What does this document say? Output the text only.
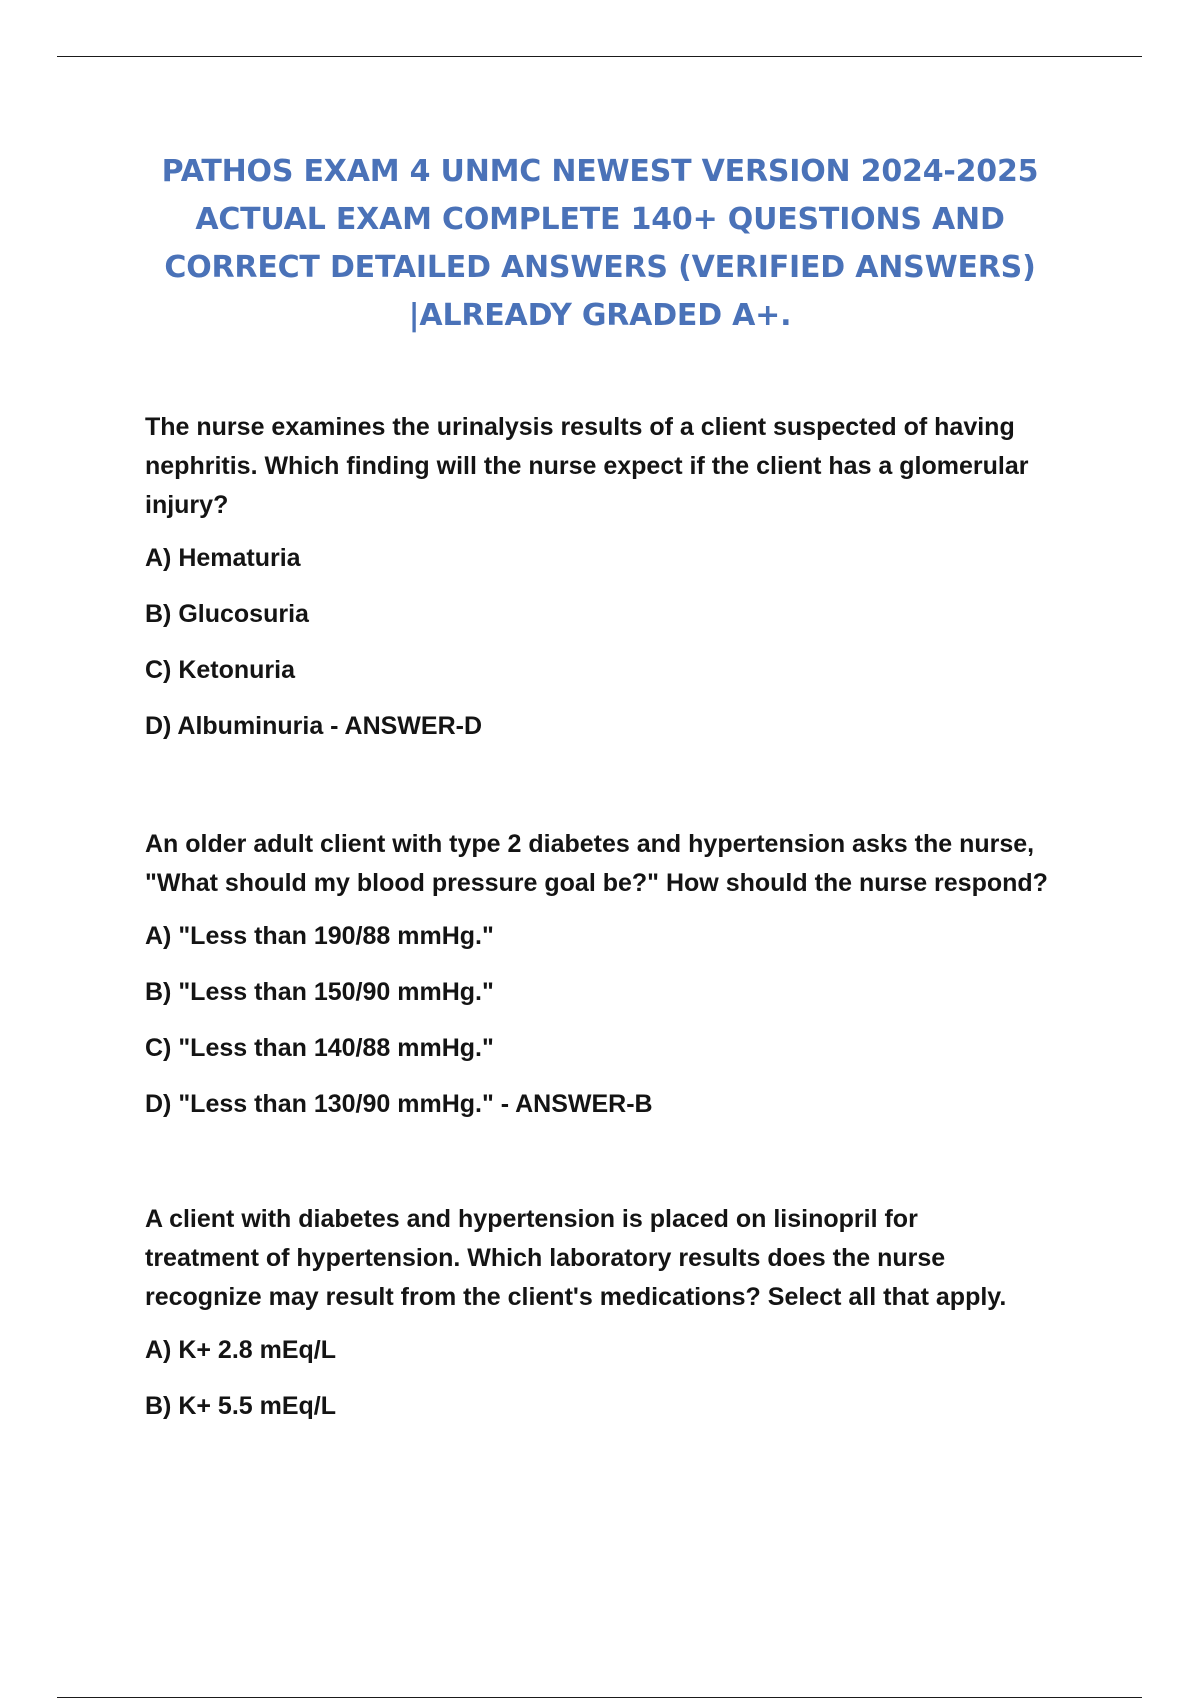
PATHOS EXAM 4 UNMC NEWEST VERSION 2024-2025
ACTUAL EXAM COMPLETE 140+ QUESTIONS AND
CORRECT DETAILED ANSWERS (VERIFIED ANSWERS)
|ALREADY GRADED A+.
The nurse examines the urinalysis results of a client suspected of having
nephritis. Which finding will the nurse expect if the client has a glomerular
injury?
A) Hematuria
B) Glucosuria
C) Ketonuria
D) Albuminuria - ANSWER-D
An older adult client with type 2 diabetes and hypertension asks the nurse,
"What should my blood pressure goal be?" How should the nurse respond?
A) "Less than 190/88 mmHg."
B) "Less than 150/90 mmHg."
C) "Less than 140/88 mmHg."
D) "Less than 130/90 mmHg." - ANSWER-B
A client with diabetes and hypertension is placed on lisinopril for
treatment of hypertension. Which laboratory results does the nurse
recognize may result from the client's medications? Select all that apply.
A) K+ 2.8 mEq/L
B) K+ 5.5 mEq/L
